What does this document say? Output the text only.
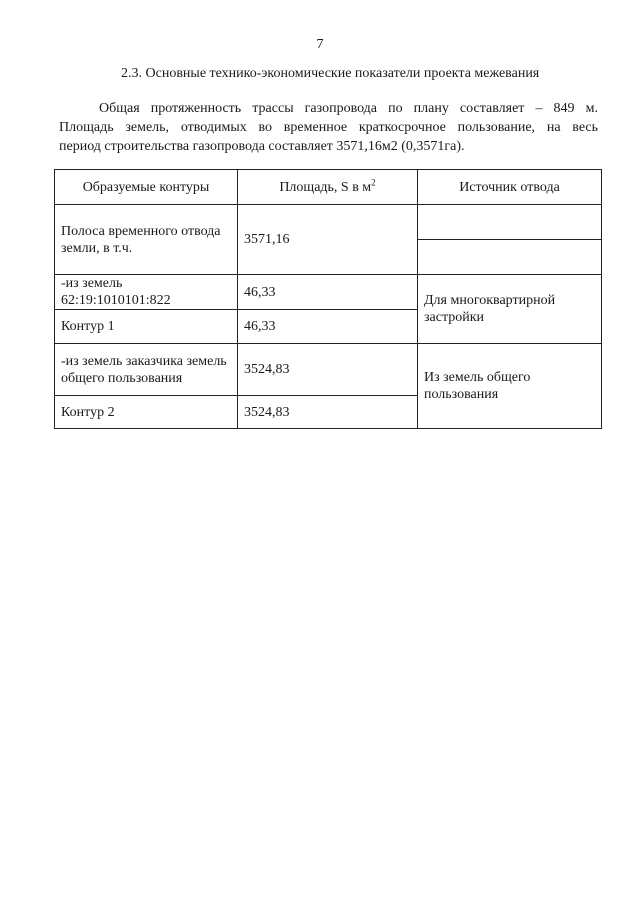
7
2.3. Основные технико-экономические показатели проекта межевания
Общая протяженность трассы газопровода по плану составляет – 849 м.
Площадь земель, отводимых во временное краткосрочное пользование, на весь
период строительства газопровода составляет 3571,16м2 (0,3571га).
Образуемые контуры	Площадь, S в $м^2$	Источник отвода
Полоса временного отвода земли, в т.ч.	3571,16	

-из земель 62:19:1010101:822	46,33	Для многоквартирной застройки
Контур 1	46,33	
-из земель заказчика земель общего пользования	3524,83	Из земель общего пользования
Контур 2	3524,83	
